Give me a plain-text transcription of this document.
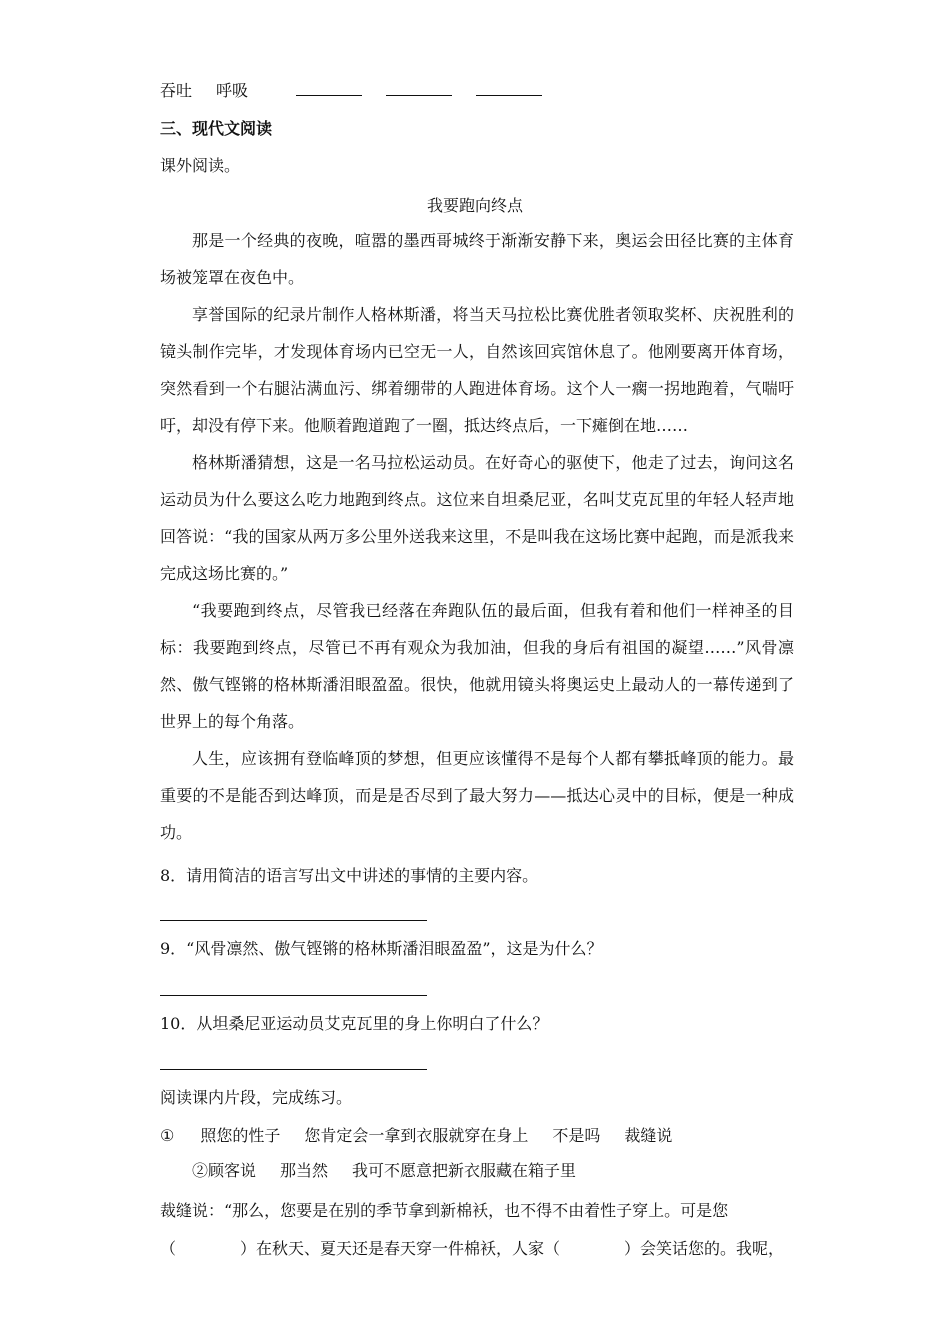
吞吐 呼吸
三、现代文阅读
课外阅读。
我要跑向终点
那是一个经典的夜晚，喧嚣的墨西哥城终于渐渐安静下来，奥运会田径比赛的主体育场被笼罩在夜色中。
享誉国际的纪录片制作人格林斯潘，将当天马拉松比赛优胜者领取奖杯、庆祝胜利的镜头制作完毕，才发现体育场内已空无一人，自然该回宾馆休息了。他刚要离开体育场，突然看到一个右腿沾满血污、绑着绷带的人跑进体育场。这个人一瘸一拐地跑着，气喘吁吁，却没有停下来。他顺着跑道跑了一圈，抵达终点后，一下瘫倒在地……
格林斯潘猜想，这是一名马拉松运动员。在好奇心的驱使下，他走了过去，询问这名运动员为什么要这么吃力地跑到终点。这位来自坦桑尼亚，名叫艾克瓦里的年轻人轻声地回答说：“我的国家从两万多公里外送我来这里，不是叫我在这场比赛中起跑，而是派我来完成这场比赛的。”
“我要跑到终点，尽管我已经落在奔跑队伍的最后面，但我有着和他们一样神圣的目标：我要跑到终点，尽管已不再有观众为我加油，但我的身后有祖国的凝望……”风骨凛然、傲气铿锵的格林斯潘泪眼盈盈。很快，他就用镜头将奥运史上最动人的一幕传递到了世界上的每个角落。
人生，应该拥有登临峰顶的梦想，但更应该懂得不是每个人都有攀抵峰顶的能力。最重要的不是能否到达峰顶，而是是否尽到了最大努力——抵达心灵中的目标，便是一种成功。
8．请用简洁的语言写出文中讲述的事情的主要内容。
9．“风骨凛然、傲气铿锵的格林斯潘泪眼盈盈”，这是为什么？
10．从坦桑尼亚运动员艾克瓦里的身上你明白了什么？
阅读课内片段，完成练习。
① 照您的性子 您肯定会一拿到衣服就穿在身上 不是吗 裁缝说
②顾客说 那当然 我可不愿意把新衣服藏在箱子里
裁缝说：“那么，您要是在别的季节拿到新棉袄，也不得不由着性子穿上。可是您
（	）在秋天、夏天还是春天穿一件棉袄，人家（	）会笑话您的。我呢，
